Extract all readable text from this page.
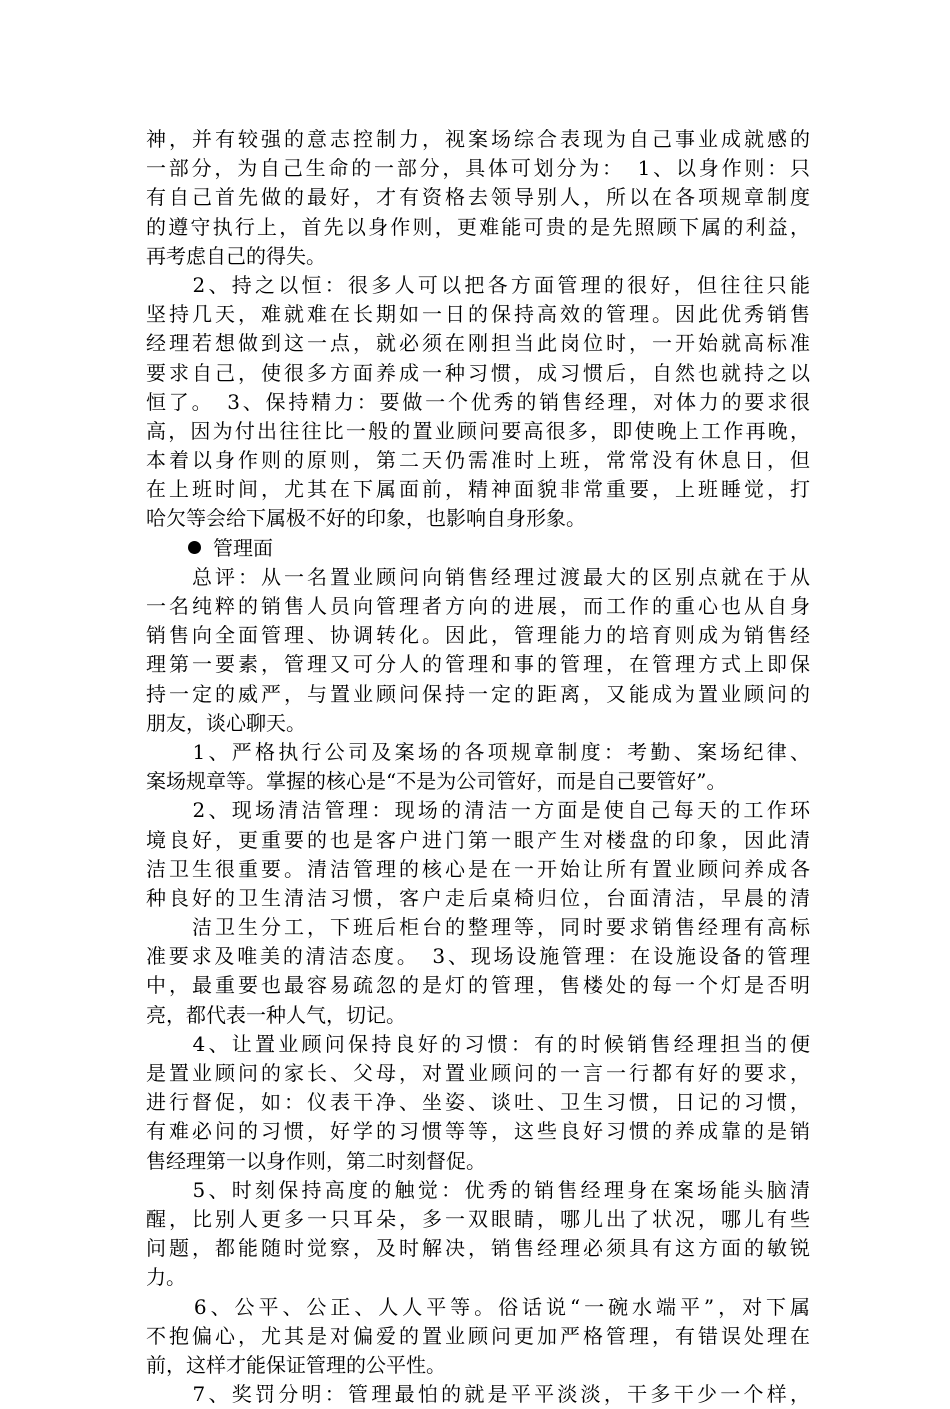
神，并有较强的意志控制力，视案场综合表现为自己事业成就感的
一部分，为自己生命的一部分，具体可划分为：　1、以身作则：只
有自己首先做的最好，才有资格去领导别人，所以在各项规章制度
的遵守执行上，首先以身作则，更难能可贵的是先照顾下属的利益，
再考虑自己的得失。
　　2、持之以恒：很多人可以把各方面管理的很好，但往往只能
坚持几天，难就难在长期如一日的保持高效的管理。因此优秀销售
经理若想做到这一点，就必须在刚担当此岗位时，一开始就高标准
要求自己，使很多方面养成一种习惯，成习惯后，自然也就持之以
恒了。　3、保持精力：要做一个优秀的销售经理，对体力的要求很
高，因为付出往往比一般的置业顾问要高很多，即使晚上工作再晚，
本着以身作则的原则，第二天仍需准时上班，常常没有休息日，但
在上班时间，尤其在下属面前，精神面貌非常重要，上班睡觉，打
哈欠等会给下属极不好的印象，也影响自身形象。
管理面
　　总评：从一名置业顾问向销售经理过渡最大的区别点就在于从
一名纯粹的销售人员向管理者方向的进展，而工作的重心也从自身
销售向全面管理、协调转化。因此，管理能力的培育则成为销售经
理第一要素，管理又可分人的管理和事的管理，在管理方式上即保
持一定的威严，与置业顾问保持一定的距离，又能成为置业顾问的
朋友，谈心聊天。
　　1、严格执行公司及案场的各项规章制度：考勤、案场纪律、
案场规章等。掌握的核心是“不是为公司管好，而是自己要管好”。
　　2、现场清洁管理：现场的清洁一方面是使自己每天的工作环
境良好，更重要的也是客户进门第一眼产生对楼盘的印象，因此清
洁卫生很重要。清洁管理的核心是在一开始让所有置业顾问养成各
种良好的卫生清洁习惯，客户走后桌椅归位，台面清洁，早晨的清
　　洁卫生分工，下班后柜台的整理等，同时要求销售经理有高标
准要求及唯美的清洁态度。　3、现场设施管理：在设施设备的管理
中，最重要也最容易疏忽的是灯的管理，售楼处的每一个灯是否明
亮，都代表一种人气，切记。
　　4、让置业顾问保持良好的习惯：有的时候销售经理担当的便
是置业顾问的家长、父母，对置业顾问的一言一行都有好的要求，
进行督促，如：仪表干净、坐姿、谈吐、卫生习惯，日记的习惯，
有难必问的习惯，好学的习惯等等，这些良好习惯的养成靠的是销
售经理第一以身作则，第二时刻督促。
　　5、时刻保持高度的触觉：优秀的销售经理身在案场能头脑清
醒，比别人更多一只耳朵，多一双眼睛，哪儿出了状况，哪儿有些
问题，都能随时觉察，及时解决，销售经理必须具有这方面的敏锐
力。
　　6、公平、公正、人人平等。俗话说“一碗水端平”，对下属
不抱偏心，尤其是对偏爱的置业顾问更加严格管理，有错误处理在
前，这样才能保证管理的公平性。
　　7、奖罚分明：管理最怕的就是平平淡淡，干多干少一个样，
